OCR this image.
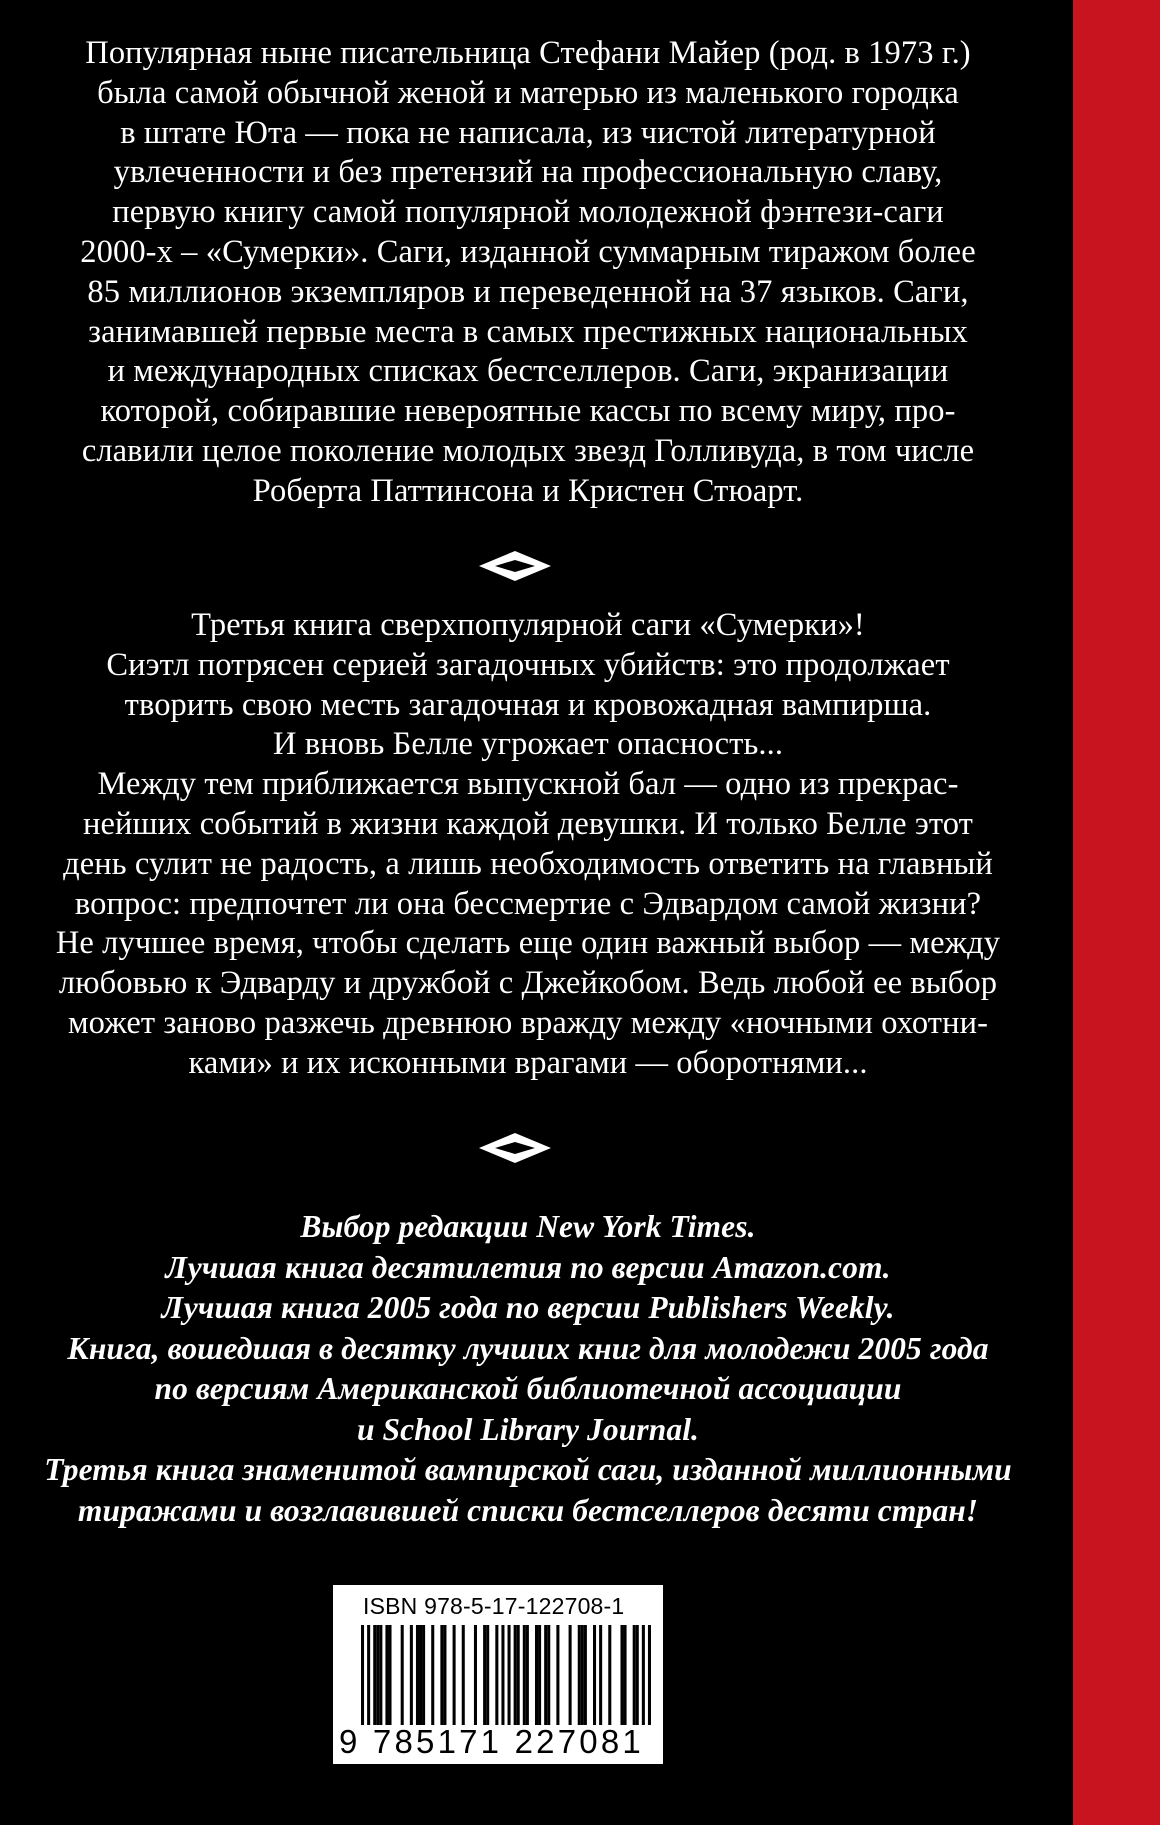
Популярная ныне писательница Стефани Майер (род. в 1973 г.)
была самой обычной женой и матерью из маленького городка
в штате Юта — пока не написала, из чистой литературной
увлеченности и без претензий на профессиональную славу,
первую книгу самой популярной молодежной фэнтези-саги
2000-х – «Сумерки». Саги, изданной суммарным тиражом более
85 миллионов экземпляров и переведенной на 37 языков. Саги,
занимавшей первые места в самых престижных национальных
и международных списках бестселлеров. Саги, экранизации
которой, собиравшие невероятные кассы по всему миру, про-
славили целое поколение молодых звезд Голливуда, в том числе
Роберта Паттинсона и Кристен Стюарт.
Третья книга сверхпопулярной саги «Сумерки»!
Сиэтл потрясен серией загадочных убийств: это продолжает
творить свою месть загадочная и кровожадная вампирша.
И вновь Белле угрожает опасность...
Между тем приближается выпускной бал — одно из прекрас-
нейших событий в жизни каждой девушки. И только Белле этот
день сулит не радость, а лишь необходимость ответить на главный
вопрос: предпочтет ли она бессмертие с Эдвардом самой жизни?
Не лучшее время, чтобы сделать еще один важный выбор — между
любовью к Эдварду и дружбой с Джейкобом. Ведь любой ее выбор
может заново разжечь древнюю вражду между «ночными охотни-
ками» и их исконными врагами — оборотнями...
Выбор редакции New York Times.
Лучшая книга десятилетия по версии Amazon.com.
Лучшая книга 2005 года по версии Publishers Weekly.
Книга, вошедшая в десятку лучших книг для молодежи 2005 года
по версиям Американской библиотечной ассоциации
и School Library Journal.
Третья книга знаменитой вампирской саги, изданной миллионными
тиражами и возглавившей списки бестселлеров десяти стран!
ISBN 978-5-17-122708-1
9 785171 227081
